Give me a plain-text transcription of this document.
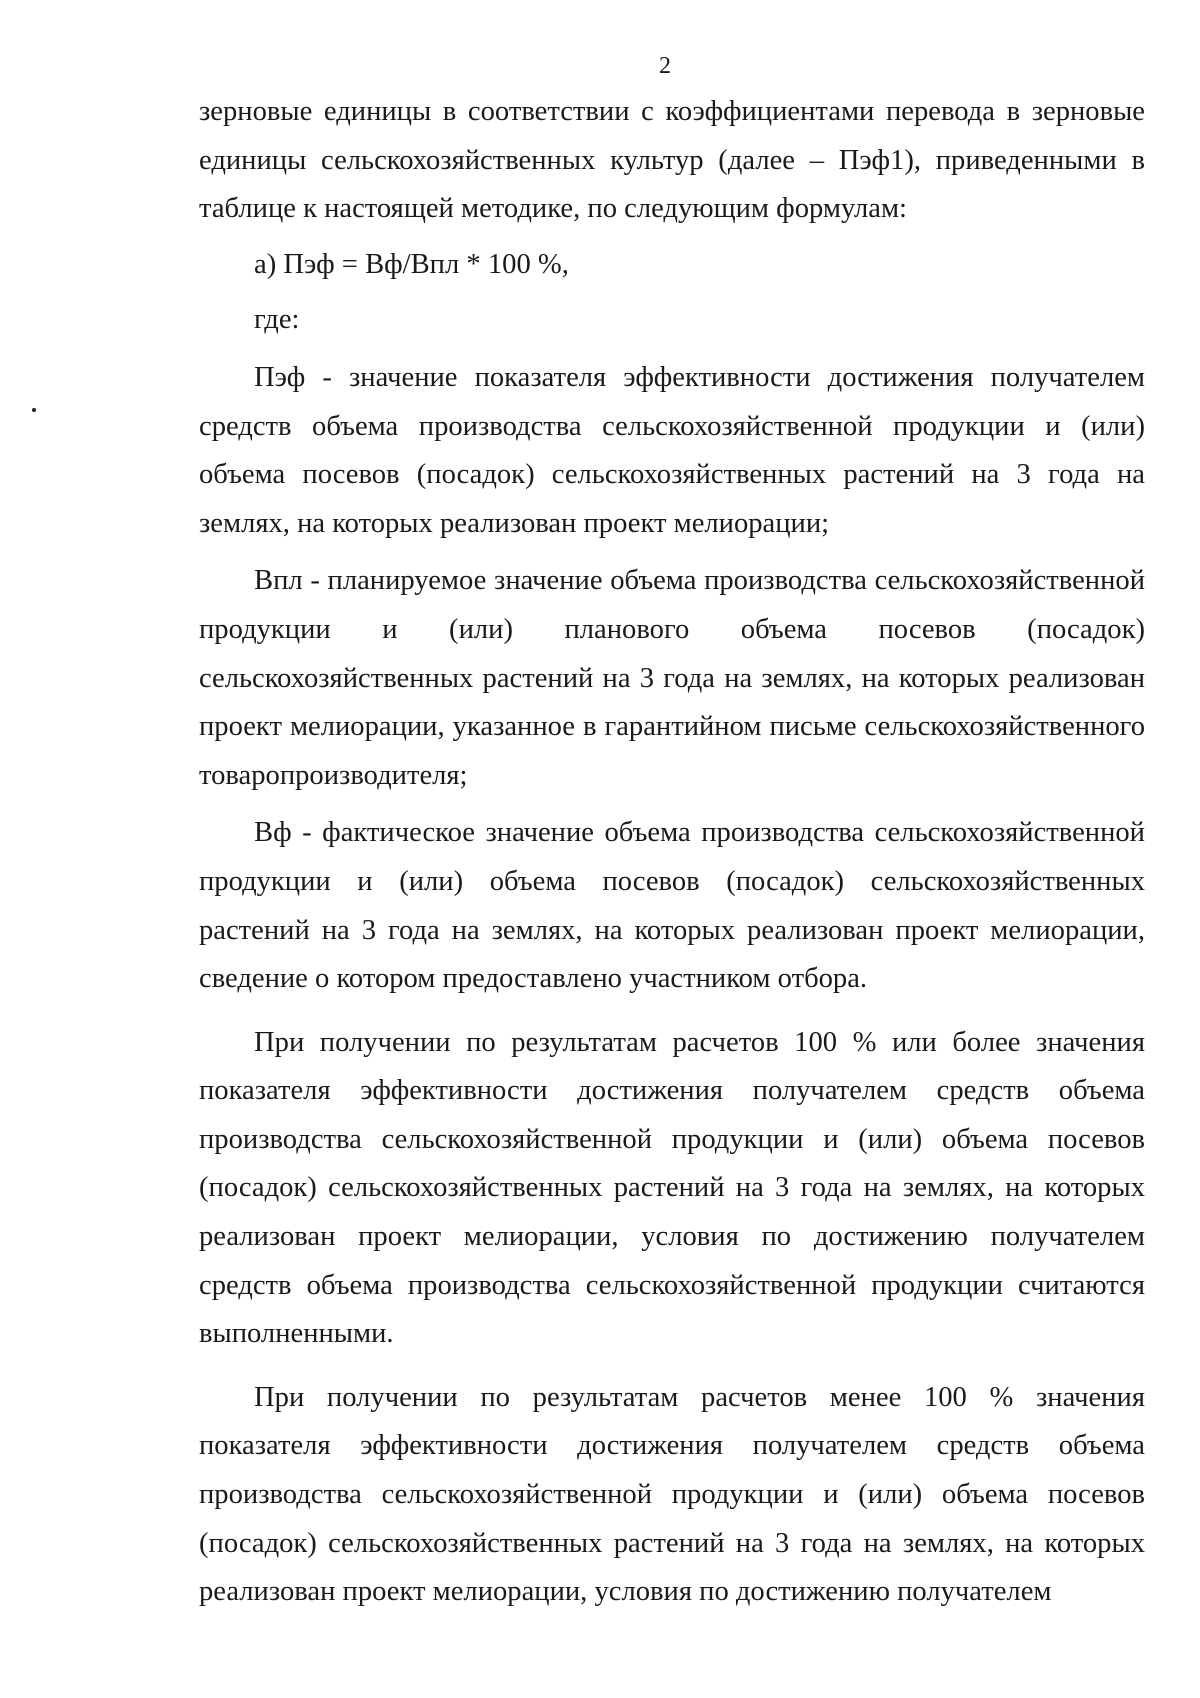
2

зерновые единицы в соответствии с коэффициентами перевода в зерновые единицы сельскохозяйственных культур (далее – Пэф1), приведенными в таблице к настоящей методике, по следующим формулам:

а) Пэф = Вф/Впл * 100 %,

где:

Пэф - значение показателя эффективности достижения получателем средств объема производства сельскохозяйственной продукции и (или) объема посевов (посадок) сельскохозяйственных растений на 3 года на землях, на которых реализован проект мелиорации;

Впл - планируемое значение объема производства сельскохозяйственной продукции и (или) планового объема посевов (посадок) сельскохозяйственных растений на 3 года на землях, на которых реализован проект мелиорации, указанное в гарантийном письме сельскохозяйственного товаропроизводителя;

Вф - фактическое значение объема производства сельскохозяйственной продукции и (или) объема посевов (посадок) сельскохозяйственных растений на 3 года на землях, на которых реализован проект мелиорации, сведение о котором предоставлено участником отбора.

При получении по результатам расчетов 100 % или более значения показателя эффективности достижения получателем средств объема производства сельскохозяйственной продукции и (или) объема посевов (посадок) сельскохозяйственных растений на 3 года на землях, на которых реализован проект мелиорации, условия по достижению получателем средств объема производства сельскохозяйственной продукции считаются выполненными.

При получении по результатам расчетов менее 100 % значения показателя эффективности достижения получателем средств объема производства сельскохозяйственной продукции и (или) объема посевов (посадок) сельскохозяйственных растений на 3 года на землях, на которых реализован проект мелиорации, условия по достижению получателем
